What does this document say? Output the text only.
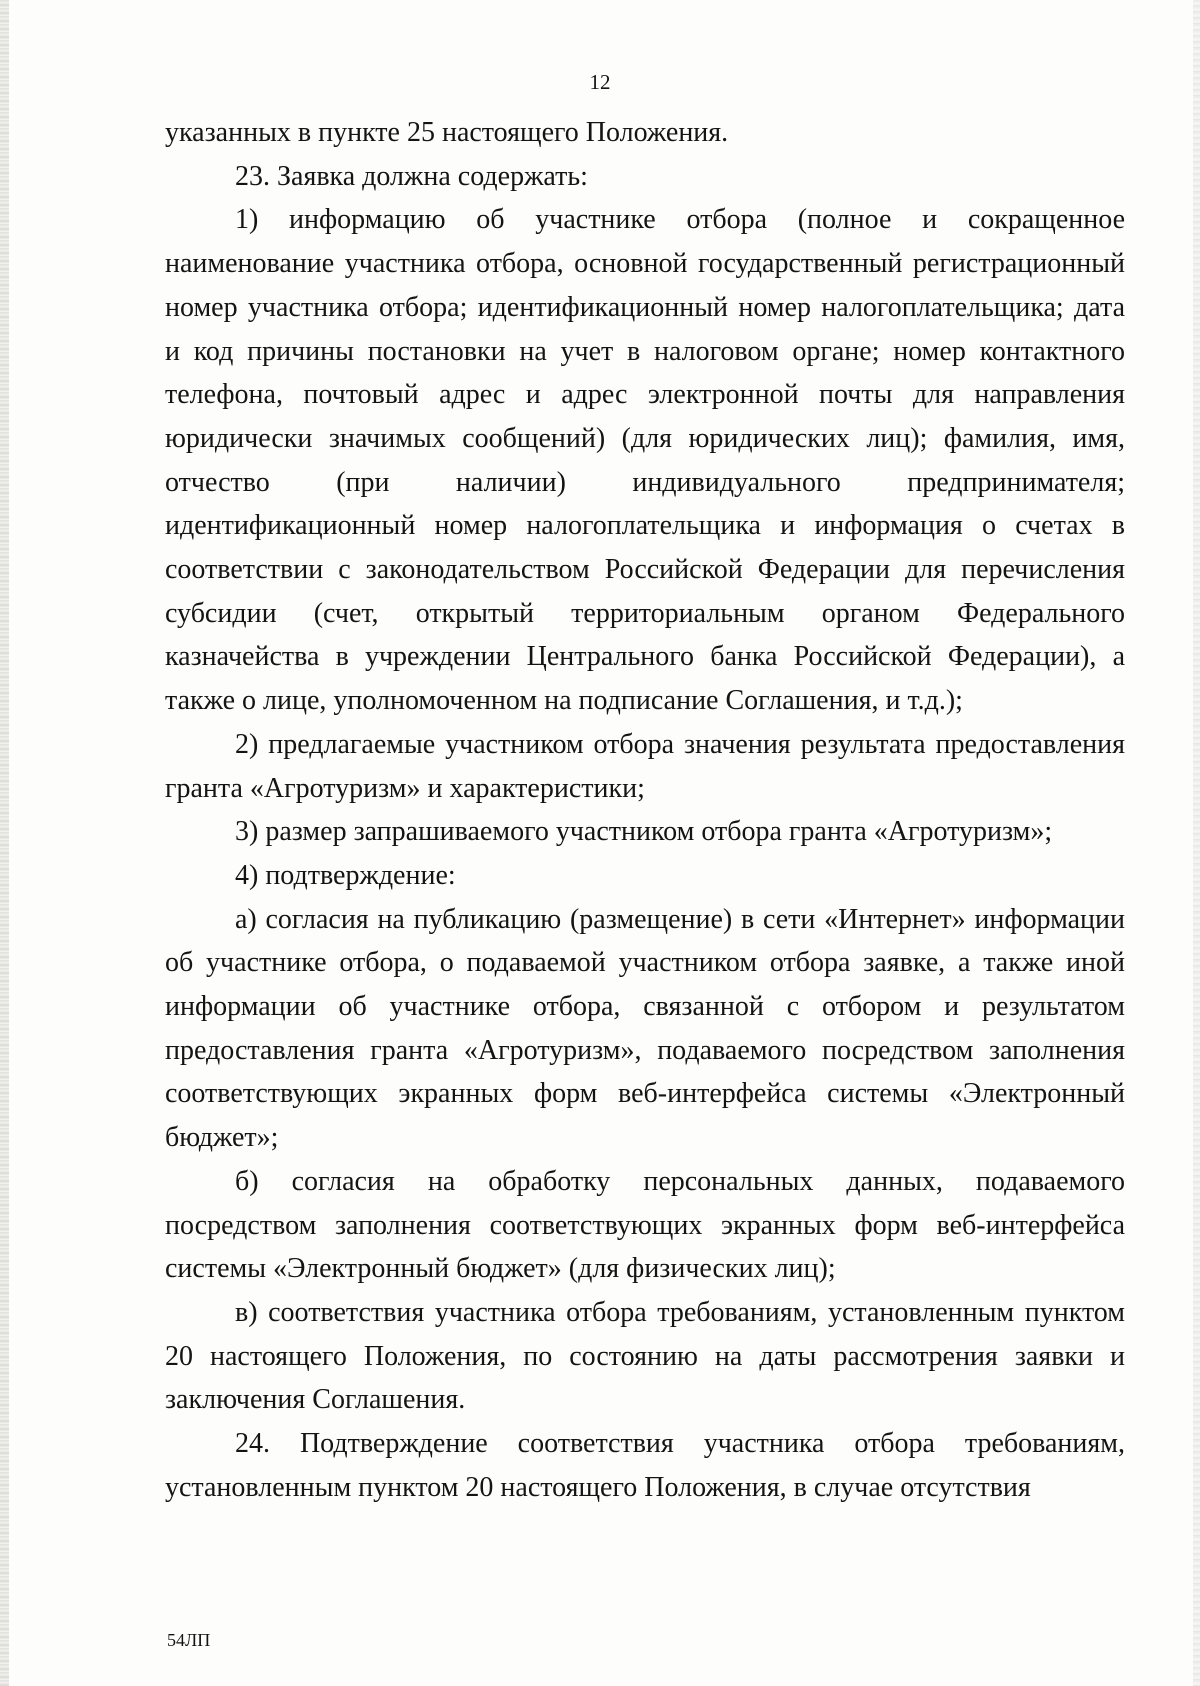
12

указанных в пункте 25 настоящего Положения.

23. Заявка должна содержать:

1) информацию об участнике отбора (полное и сокращенное наименование участника отбора, основной государственный регистрационный номер участника отбора; идентификационный номер налогоплательщика; дата и код причины постановки на учет в налоговом органе; номер контактного телефона, почтовый адрес и адрес электронной почты для направления юридически значимых сообщений) (для юридических лиц); фамилия, имя, отчество (при наличии) индивидуального предпринимателя; идентификационный номер налогоплательщика и информация о счетах в соответствии с законодательством Российской Федерации для перечисления субсидии (счет, открытый территориальным органом Федерального казначейства в учреждении Центрального банка Российской Федерации), а также о лице, уполномоченном на подписание Соглашения, и т.д.);

2) предлагаемые участником отбора значения результата предоставления гранта «Агротуризм» и характеристики;

3) размер запрашиваемого участником отбора гранта «Агротуризм»;

4) подтверждение:

а) согласия на публикацию (размещение) в сети «Интернет» информации об участнике отбора, о подаваемой участником отбора заявке, а также иной информации об участнике отбора, связанной с отбором и результатом предоставления гранта «Агротуризм», подаваемого посредством заполнения соответствующих экранных форм веб-интерфейса системы «Электронный бюджет»;

б) согласия на обработку персональных данных, подаваемого посредством заполнения соответствующих экранных форм веб-интерфейса системы «Электронный бюджет» (для физических лиц);

в) соответствия участника отбора требованиям, установленным пунктом 20 настоящего Положения, по состоянию на даты рассмотрения заявки и заключения Соглашения.

24. Подтверждение соответствия участника отбора требованиям, установленным пунктом 20 настоящего Положения, в случае отсутствия

54ЛП
